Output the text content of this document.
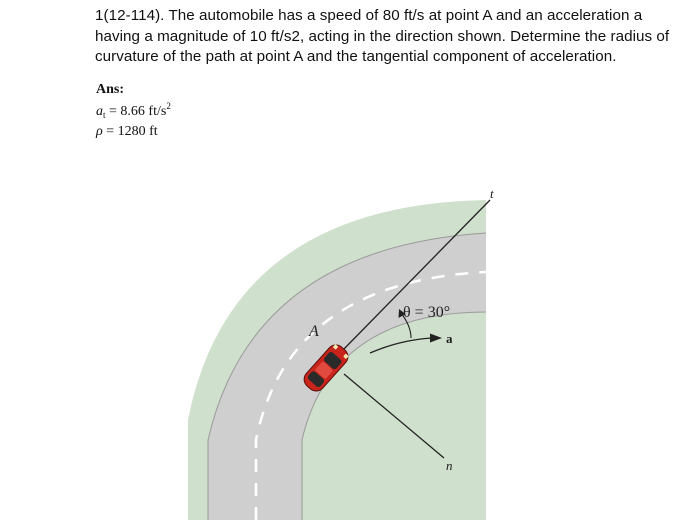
1(12-114). The automobile has a speed of 80 ft/s at point A and an acceleration a
having a magnitude of 10 ft/s2, acting in the direction shown. Determine the radius of
curvature of the path at point A and the tangential component of acceleration.
Ans:
$a_t = 8.66$ $ft/s^2$
ρ = 1280 ft
A
t
n
a
θ = 30°
